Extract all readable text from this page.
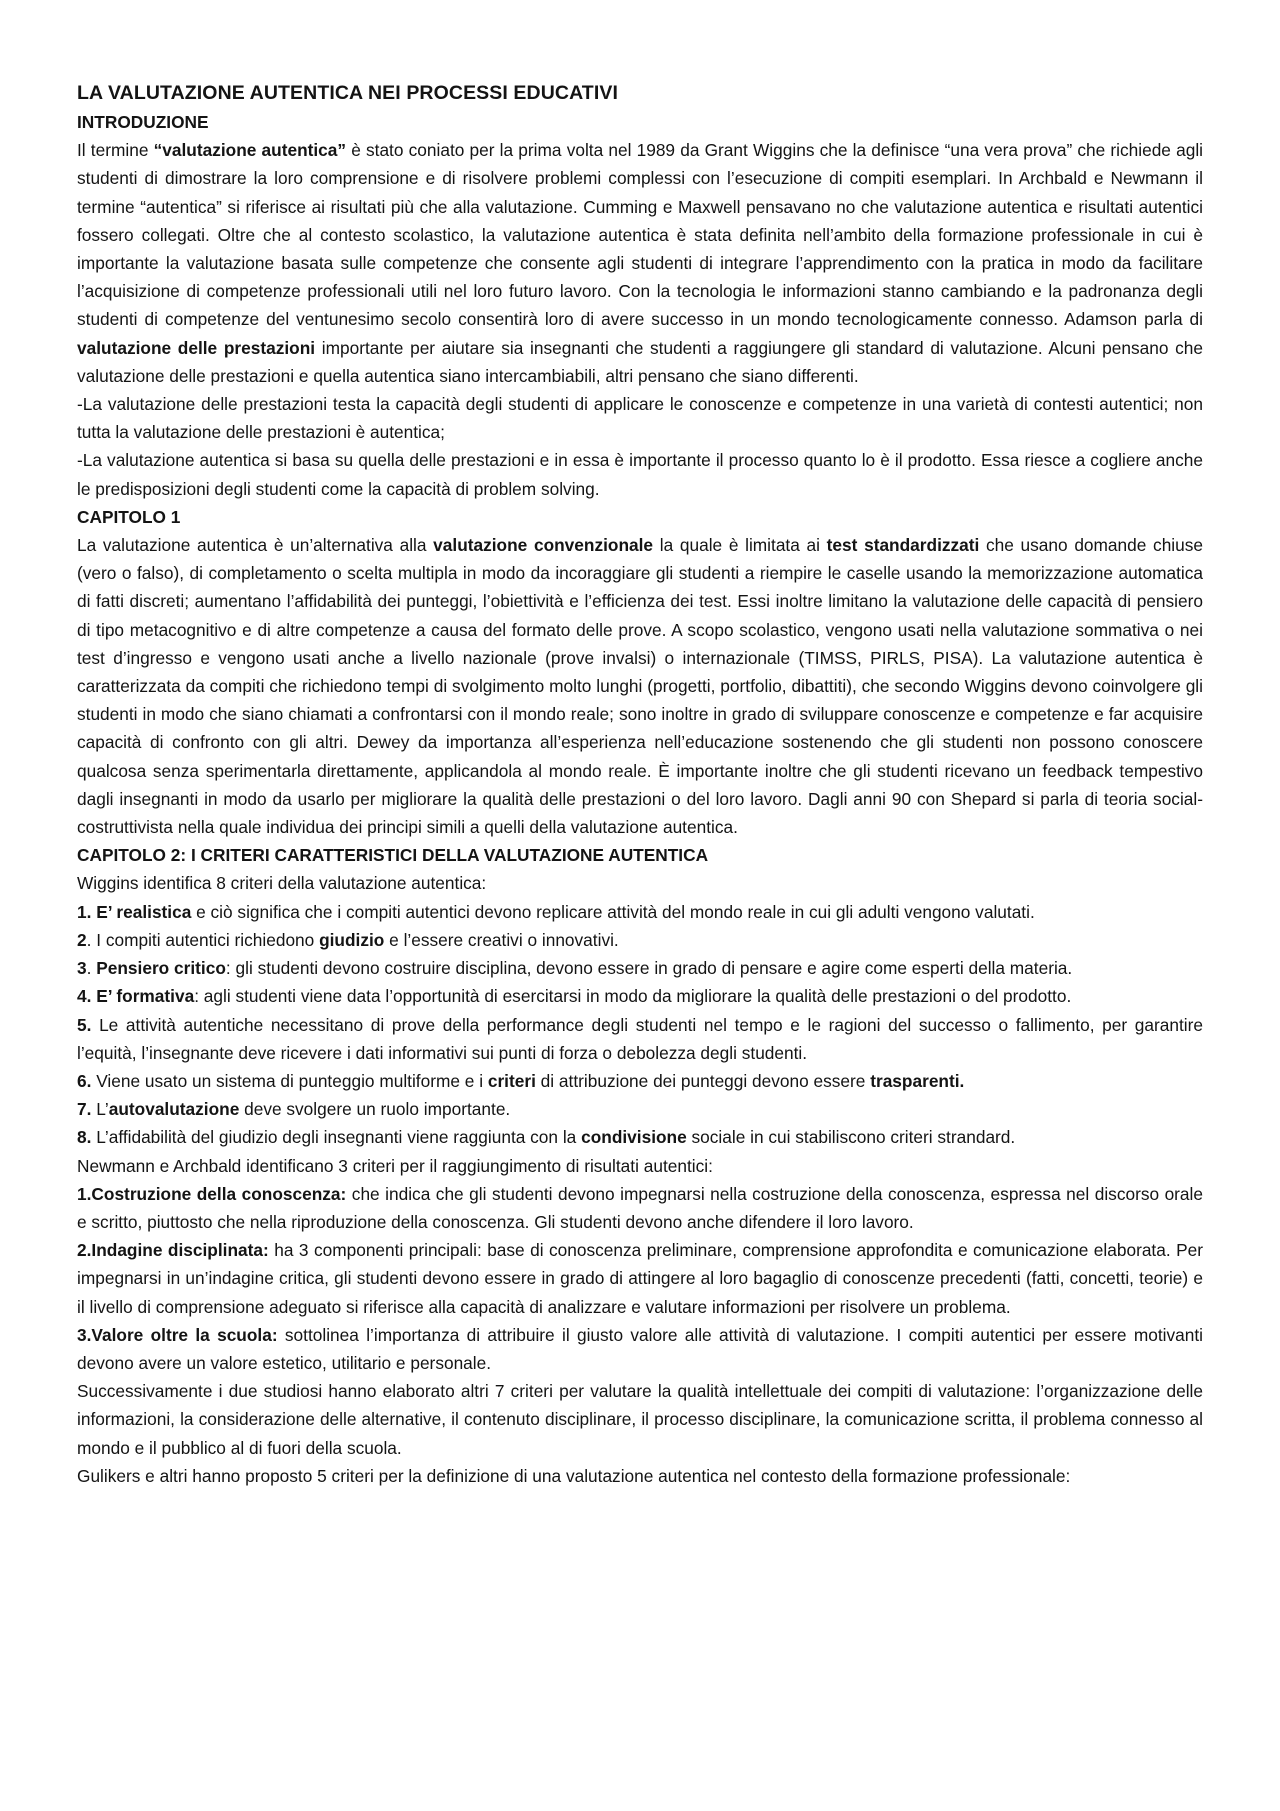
LA VALUTAZIONE AUTENTICA NEI PROCESSI EDUCATIVI
INTRODUZIONE

Il termine “valutazione autentica” è stato coniato per la prima volta nel 1989 da Grant Wiggins che la definisce “una vera prova” che richiede agli studenti di dimostrare la loro comprensione e di risolvere problemi complessi con l’esecuzione di compiti esemplari. In Archbald e Newmann il termine “autentica” si riferisce ai risultati più che alla valutazione. Cumming e Maxwell pensavano no che valutazione autentica e risultati autentici fossero collegati. Oltre che al contesto scolastico, la valutazione autentica è stata definita nell’ambito della formazione professionale in cui è importante la valutazione basata sulle competenze che consente agli studenti di integrare l’apprendimento con la pratica in modo da facilitare l’acquisizione di competenze professionali utili nel loro futuro lavoro. Con la tecnologia le informazioni stanno cambiando e la padronanza degli studenti di competenze del ventunesimo secolo consentirà loro di avere successo in un mondo tecnologicamente connesso. Adamson parla di valutazione delle prestazioni importante per aiutare sia insegnanti che studenti a raggiungere gli standard di valutazione. Alcuni pensano che valutazione delle prestazioni e quella autentica siano intercambiabili, altri pensano che siano differenti.

-La valutazione delle prestazioni testa la capacità degli studenti di applicare le conoscenze e competenze in una varietà di contesti autentici; non tutta la valutazione delle prestazioni è autentica;

-La valutazione autentica si basa su quella delle prestazioni e in essa è importante il processo quanto lo è il prodotto. Essa riesce a cogliere anche le predisposizioni degli studenti come la capacità di problem solving.

CAPITOLO 1

La valutazione autentica è un’alternativa alla valutazione convenzionale la quale è limitata ai test standardizzati che usano domande chiuse (vero o falso), di completamento o scelta multipla in modo da incoraggiare gli studenti a riempire le caselle usando la memorizzazione automatica di fatti discreti; aumentano l’affidabilità dei punteggi, l’obiettività e l’efficienza dei test. Essi inoltre limitano la valutazione delle capacità di pensiero di tipo metacognitivo e di altre competenze a causa del formato delle prove. A scopo scolastico, vengono usati nella valutazione sommativa o nei test d’ingresso e vengono usati anche a livello nazionale (prove invalsi) o internazionale (TIMSS, PIRLS, PISA). La valutazione autentica è caratterizzata da compiti che richiedono tempi di svolgimento molto lunghi (progetti, portfolio, dibattiti), che secondo Wiggins devono coinvolgere gli studenti in modo che siano chiamati a confrontarsi con il mondo reale; sono inoltre in grado di sviluppare conoscenze e competenze e far acquisire capacità di confronto con gli altri. Dewey da importanza all’esperienza nell’educazione sostenendo che gli studenti non possono conoscere qualcosa senza sperimentarla direttamente, applicandola al mondo reale. È importante inoltre che gli studenti ricevano un feedback tempestivo dagli insegnanti in modo da usarlo per migliorare la qualità delle prestazioni o del loro lavoro. Dagli anni 90 con Shepard si parla di teoria social-costruttivista nella quale individua dei principi simili a quelli della valutazione autentica.

CAPITOLO 2: I CRITERI CARATTERISTICI DELLA VALUTAZIONE AUTENTICA

Wiggins identifica 8 criteri della valutazione autentica:

1. E’ realistica e ciò significa che i compiti autentici devono replicare attività del mondo reale in cui gli adulti vengono valutati.

2. I compiti autentici richiedono giudizio e l’essere creativi o innovativi.

3. Pensiero critico: gli studenti devono costruire disciplina, devono essere in grado di pensare e agire come esperti della materia.

4. E’ formativa: agli studenti viene data l’opportunità di esercitarsi in modo da migliorare la qualità delle prestazioni o del prodotto.

5. Le attività autentiche necessitano di prove della performance degli studenti nel tempo e le ragioni del successo o fallimento, per garantire l’equità, l’insegnante deve ricevere i dati informativi sui punti di forza o debolezza degli studenti.

6. Viene usato un sistema di punteggio multiforme e i criteri di attribuzione dei punteggi devono essere trasparenti.

7. L’autovalutazione deve svolgere un ruolo importante.

8. L’affidabilità del giudizio degli insegnanti viene raggiunta con la condivisione sociale in cui stabiliscono criteri strandard.

Newmann e Archbald identificano 3 criteri per il raggiungimento di risultati autentici:

1.Costruzione della conoscenza: che indica che gli studenti devono impegnarsi nella costruzione della conoscenza, espressa nel discorso orale e scritto, piuttosto che nella riproduzione della conoscenza. Gli studenti devono anche difendere il loro lavoro.

2.Indagine disciplinata: ha 3 componenti principali: base di conoscenza preliminare, comprensione approfondita e comunicazione elaborata. Per impegnarsi in un’indagine critica, gli studenti devono essere in grado di attingere al loro bagaglio di conoscenze precedenti (fatti, concetti, teorie) e il livello di comprensione adeguato si riferisce alla capacità di analizzare e valutare informazioni per risolvere un problema.

3.Valore oltre la scuola: sottolinea l’importanza di attribuire il giusto valore alle attività di valutazione. I compiti autentici per essere motivanti devono avere un valore estetico, utilitario e personale.

Successivamente i due studiosi hanno elaborato altri 7 criteri per valutare la qualità intellettuale dei compiti di valutazione: l’organizzazione delle informazioni, la considerazione delle alternative, il contenuto disciplinare, il processo disciplinare, la comunicazione scritta, il problema connesso al mondo e il pubblico al di fuori della scuola.

Gulikers e altri hanno proposto 5 criteri per la definizione di una valutazione autentica nel contesto della formazione professionale:
